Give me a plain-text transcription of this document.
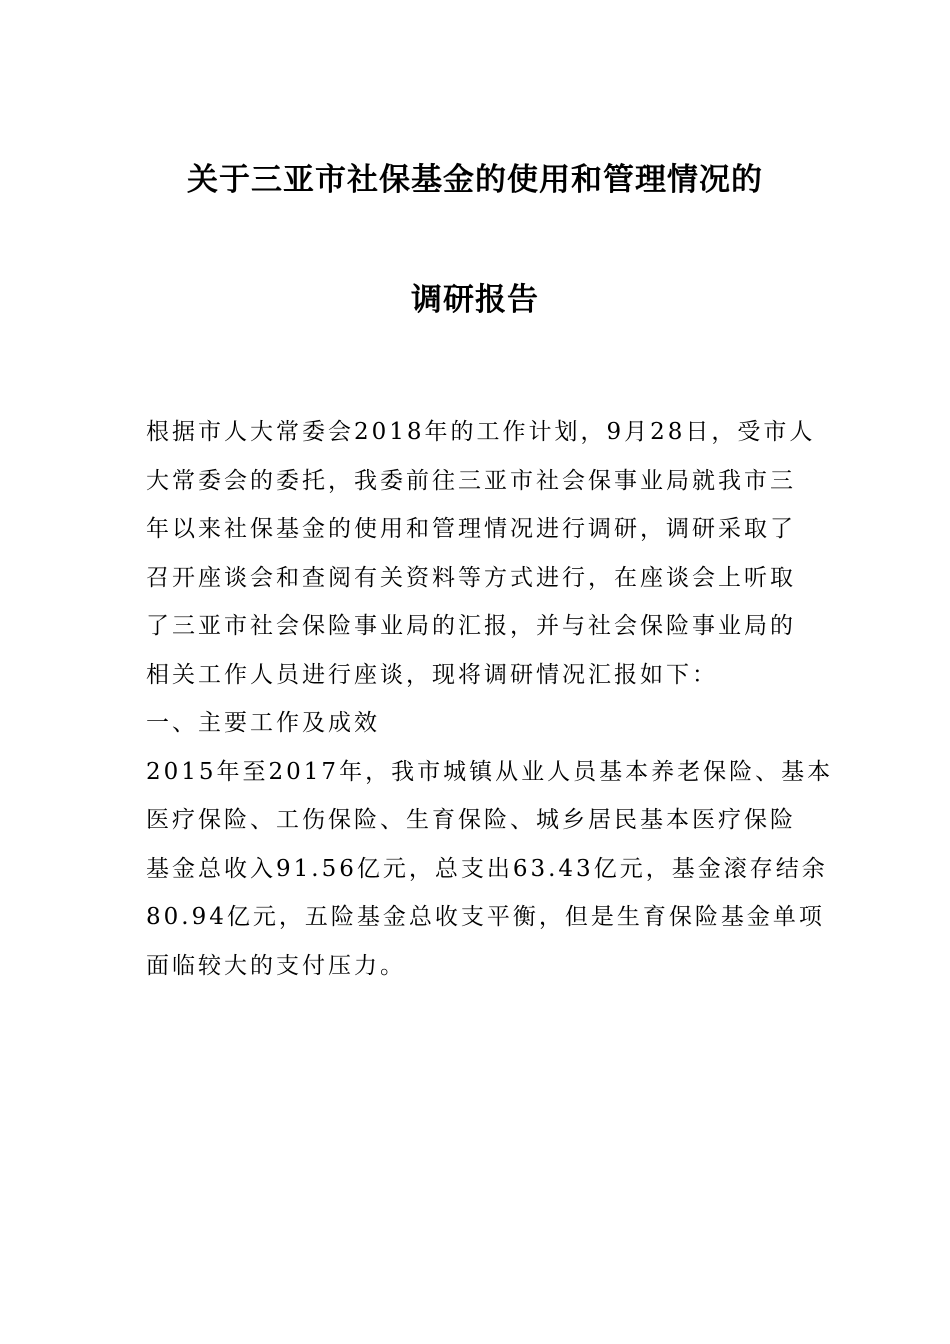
关于三亚市社保基金的使用和管理情况的
调研报告
根据市人大常委会2018年的工作计划，9月28日，受市人
大常委会的委托，我委前往三亚市社会保事业局就我市三
年以来社保基金的使用和管理情况进行调研，调研采取了
召开座谈会和查阅有关资料等方式进行，在座谈会上听取
了三亚市社会保险事业局的汇报，并与社会保险事业局的
相关工作人员进行座谈，现将调研情况汇报如下：
一、主要工作及成效
2015年至2017年，我市城镇从业人员基本养老保险、基本
医疗保险、工伤保险、生育保险、城乡居民基本医疗保险
基金总收入91.56亿元，总支出63.43亿元，基金滚存结余
80.94亿元，五险基金总收支平衡，但是生育保险基金单项
面临较大的支付压力。
